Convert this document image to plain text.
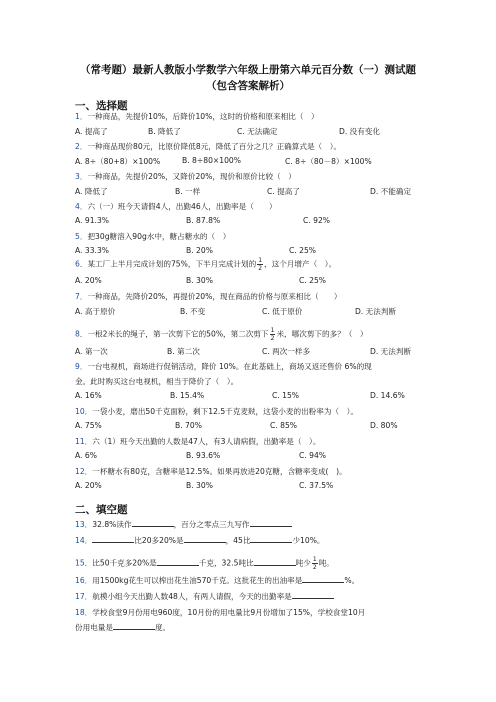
（常考题）最新人教版小学数学六年级上册第六单元百分数（一）测试题（包含答案解析）
一、选择题
1．一种商品，先提价10%，后降价10%，这时的价格和原来相比（　）
A. 提高了	B. 降低了	C. 无法确定	D. 没有变化
2．一种商品现价80元，比原价降低8元，降低了百分之几？正确算式是（　）。
A. 8÷（80+8）×100%	B. 8÷80×100%	C. 8÷（80－8）×100%
3．一种商品，先提价20%，又降价20%，现价和原价比较（　）
A. 降低了	B. 一样	C. 提高了	D. 不能确定
4．六（一）班今天请假4人，出勤46人，出勤率是（　　）
A. 91.3%	B. 87.8%	C. 92%
5．把30g糖溶入90g水中，糖占糖水的（　）
A. 33.3%	B. 20%	C. 25%
6．某工厂上半月完成计划的75%，下半月完成计划的 $\frac{1}{2}$ ，这个月增产（　）。
A. 20%	B. 30%	C. 25%
7．一种商品，先降价20%，再提价20%，现在商品的价格与原来相比（　　）
A. 高于原价	B. 不变	C. 低于原价	D. 无法判断
8．一根2米长的绳子，第一次剪下它的50%，第二次剪下 $\frac{1}{2}$ 米，哪次剪下的多？（　）
A. 第一次	B. 第二次	C. 两次一样多	D. 无法判断
9．一台电视机，商场进行促销活动，降价 10%。在此基础上，商场又返还售价 6%的现
金。此时购买这台电视机，相当于降价了（　）。
A. 16%	B. 15.4%	C. 15%	D. 14.6%
10．一袋小麦，磨出50千克面粉，剩下12.5千克麦麸，这袋小麦的出粉率为（　）。
A. 75%	B. 70%	C. 85%	D. 80%
11．六（1）班今天出勤的人数是47人，有3人请病假，出勤率是（　）。
A. 6%	B. 93.6%	C. 94%
12．一杯糖水有80克，含糖率是12.5%。如果再放进20克糖，含糖率变成(　)。
A. 20%	B. 30%	C. 37.5%
二、填空题
13．32.8%读作	，百分之零点三九写作
14．	比20多20%是	，45比	少10%。
15．比50千克多20%是	千克，32.5吨比	吨少 $\frac{1}{2}$ 吨。
16．用1500kg花生可以榨出花生油570千克。这批花生的出油率是	%。
17．航模小组今天出勤人数48人，有两人请假，今天的出勤率是
18．学校食堂9月份用电960度，10月份的用电量比9月份增加了15%，学校食堂10月
份用电量是	度。
